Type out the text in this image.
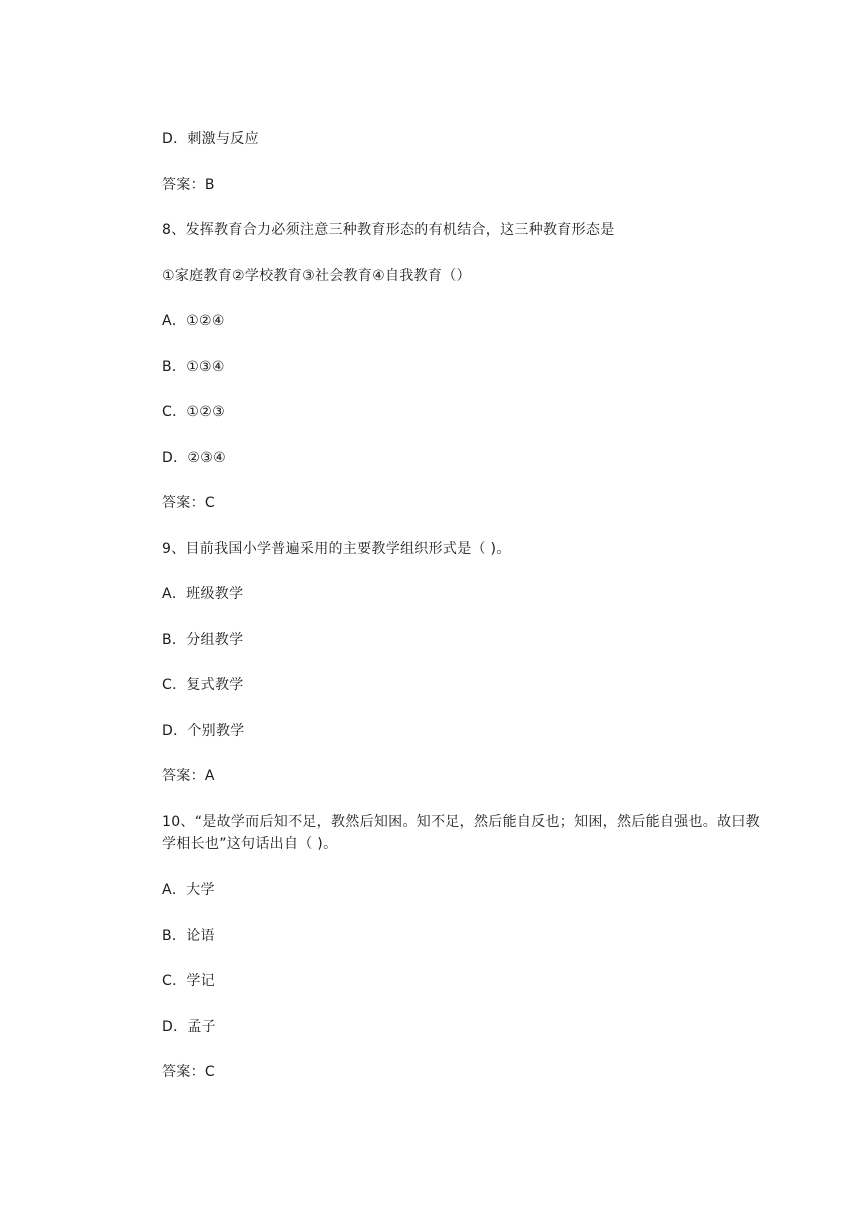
D．刺激与反应
答案：B
8、发挥教育合力必须注意三种教育形态的有机结合，这三种教育形态是
①家庭教育②学校教育③社会教育④自我教育（）
A．①②④
B．①③④
C．①②③
D．②③④
答案：C
9、目前我国小学普遍采用的主要教学组织形式是（ )。
A．班级教学
B．分组教学
C．复式教学
D．个别教学
答案：A
10、“是故学而后知不足，教然后知困。知不足，然后能自反也；知困，然后能自强也。故曰教学相长也”这句话出自（ )。
A．大学
B．论语
C．学记
D．孟子
答案：C
